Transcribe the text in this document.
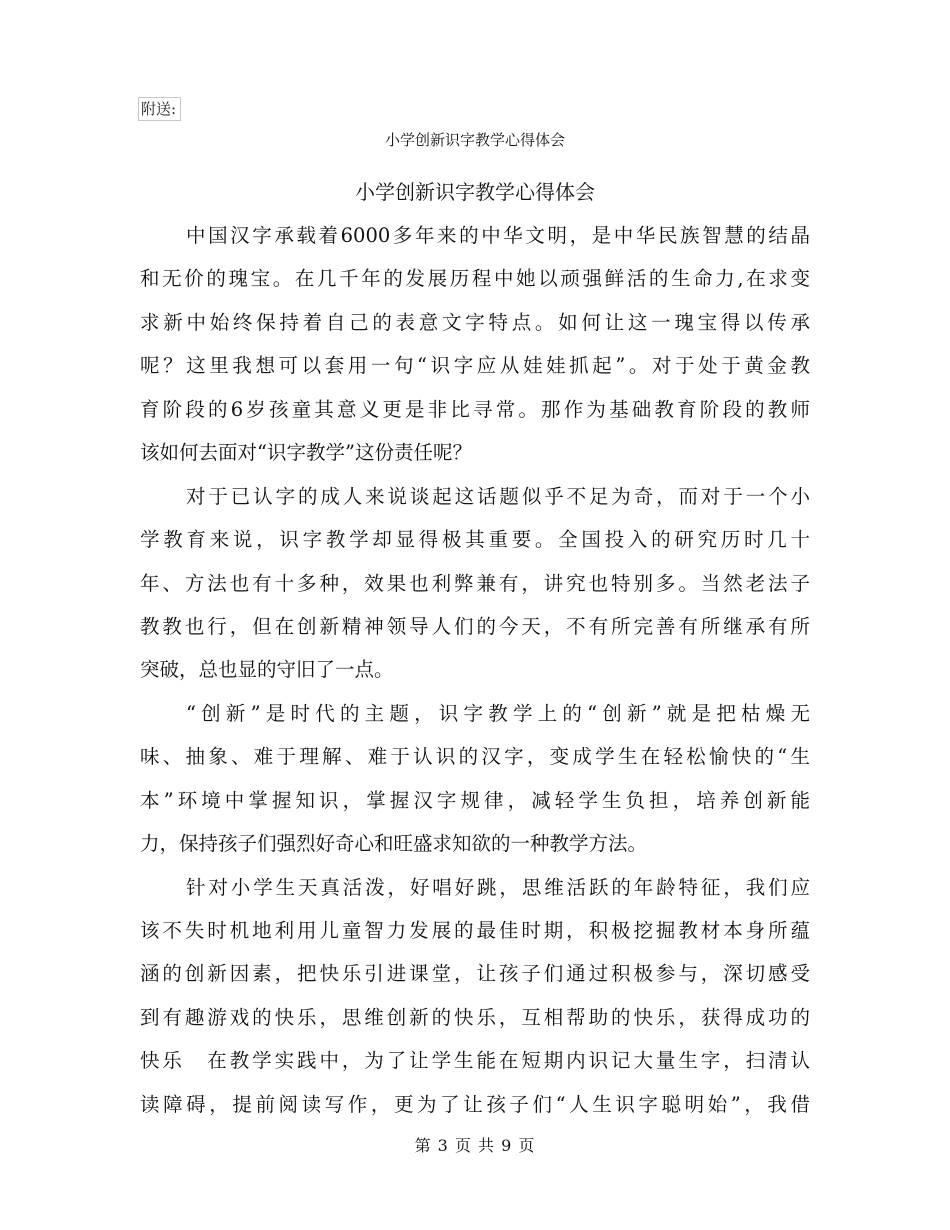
附送:
小学创新识字教学心得体会
小学创新识字教学心得体会
中国汉字承载着6000多年来的中华文明，是中华民族智慧的结晶
和无价的瑰宝。在几千年的发展历程中她以顽强鲜活的生命力,在求变
求新中始终保持着自己的表意文字特点。如何让这一瑰宝得以传承
呢？这里我想可以套用一句“识字应从娃娃抓起”。对于处于黄金教
育阶段的6岁孩童其意义更是非比寻常。那作为基础教育阶段的教师
该如何去面对“识字教学”这份责任呢？
对于已认字的成人来说谈起这话题似乎不足为奇，而对于一个小
学教育来说，识字教学却显得极其重要。全国投入的研究历时几十
年、方法也有十多种，效果也利弊兼有，讲究也特别多。当然老法子
教教也行，但在创新精神领导人们的今天，不有所完善有所继承有所
突破，总也显的守旧了一点。
“创新”是时代的主题，识字教学上的“创新”就是把枯燥无
味、抽象、难于理解、难于认识的汉字，变成学生在轻松愉快的“生
本”环境中掌握知识，掌握汉字规律，减轻学生负担，培养创新能
力，保持孩子们强烈好奇心和旺盛求知欲的一种教学方法。
针对小学生天真活泼，好唱好跳，思维活跃的年龄特征，我们应
该不失时机地利用儿童智力发展的最佳时期，积极挖掘教材本身所蕴
涵的创新因素，把快乐引进课堂，让孩子们通过积极参与，深切感受
到有趣游戏的快乐，思维创新的快乐，互相帮助的快乐，获得成功的
快乐　在教学实践中，为了让学生能在短期内识记大量生字，扫清认
读障碍，提前阅读写作，更为了让孩子们“人生识字聪明始”，我借
第 3 页 共 9 页
